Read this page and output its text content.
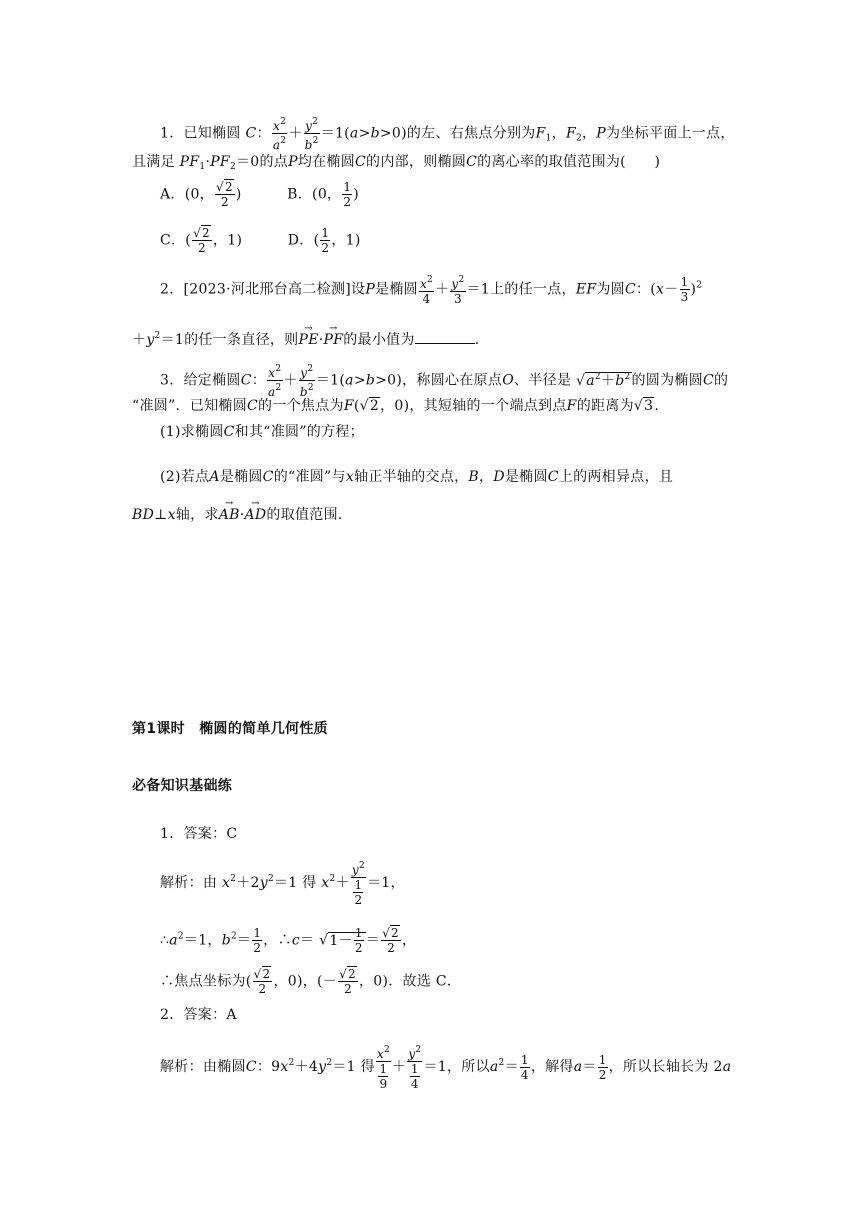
1．已知椭圆 C： $\frac{x^2}{a^2} + \frac{y^2}{b^2} =1(a>b>0)$的左、右焦点分别为$F_1$，$F_2$，P为坐标平面上一点，
且满足 $PF_1\cdot PF_2=0$的点P均在椭圆C的内部，则椭圆C的离心率的取值范围为(　　)
A．(0， $\frac{√2}{2}$ )	B．(0， $\frac{1}{2}$ )
C．( $\frac{√2}{2}$ ，1)	D．( $\frac{1}{2}$ ，1)
2．[2023·河北邢台高二检测]设P是椭圆 $\frac{x^2}{4} + \frac{y^2}{3} =1$上的任一点，EF为圆C：$(x- \frac{1}{3} )^2$
$+y^2=1$的任一条直径，则→ PE·→ PF的最小值为	．
3．给定椭圆C： $\frac{x^2}{a^2} + \frac{y^2}{b^2} =1(a>b>0)$，称圆心在原点O、半径是 $√a^2+b^2$的圆为椭圆C的
“准圆”．已知椭圆C的一个焦点为F(√2，0)，其短轴的一个端点到点F的距离为√3.
(1)求椭圆C和其“准圆”的方程；
(2)若点A是椭圆C的“准圆”与x轴正半轴的交点，B，D是椭圆C上的两相异点，且
BD⊥x轴，求→ AB·→ AD的取值范围．
第1课时　椭圆的简单几何性质
必备知识基础练
1．答案：C
解析：由 $x^2+2y^2=1$ 得 $x^2+ \frac{y^2}{\frac{1}{2}} =1$，
$\therefore a^2=1$，$b^2= \frac{1}{2}$ ，∴c＝ $√1- \frac{1}{2} = \frac{√2}{2}$ ，
∴焦点坐标为( $\frac{√2}{2}$ ，0)，(－ $\frac{√2}{2}$ ，0)．故选 C．
2．答案：A
解析：由椭圆C：$9x^2+4y^2=1$ 得 $\frac{x^2}{\frac{1}{9}} + \frac{y^2}{\frac{1}{4}} =1$，所以$a^2= \frac{1}{4}$ ，解得$a= \frac{1}{2}$ ，所以长轴长为 2a
